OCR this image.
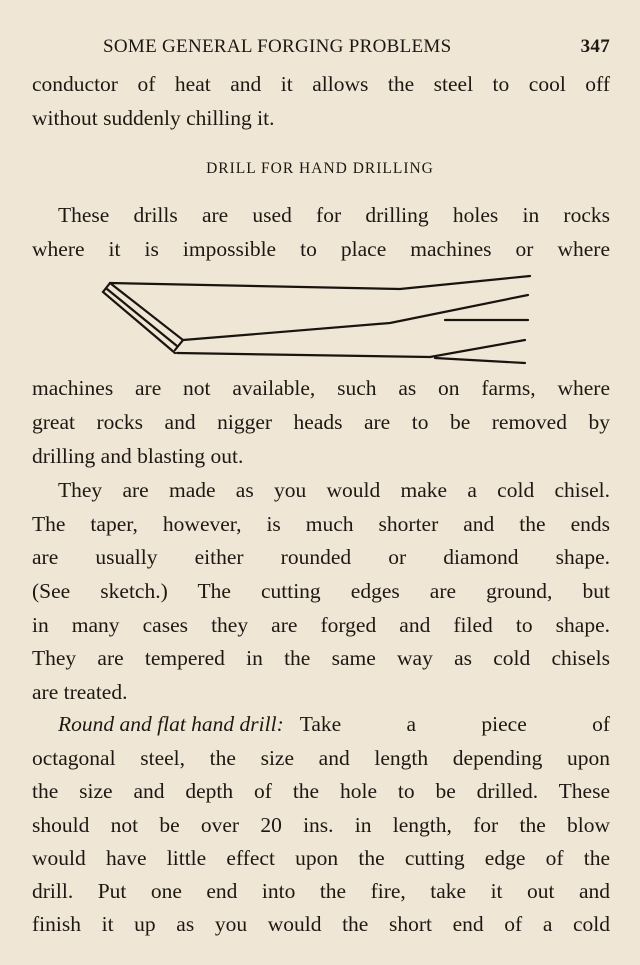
SOME GENERAL FORGING PROBLEMS	347
conductor of heat and it allows the steel to cool off
without suddenly chilling it.
DRILL FOR HAND DRILLING
These drills are used for drilling holes in rocks
where it is impossible to place machines or where
machines are not available, such as on farms, where
great rocks and nigger heads are to be removed by
drilling and blasting out.
They are made as you would make a cold chisel.
The taper, however, is much shorter and the ends
are usually either rounded or diamond shape.
(See sketch.) The cutting edges are ground, but
in many cases they are forged and filed to shape.
They are tempered in the same way as cold chisels
are treated.
Round and flat hand drill: Take a piece of
octagonal steel, the size and length depending upon
the size and depth of the hole to be drilled. These
should not be over 20 ins. in length, for the blow
would have little effect upon the cutting edge of the
drill. Put one end into the fire, take it out and
finish it up as you would the short end of a cold
